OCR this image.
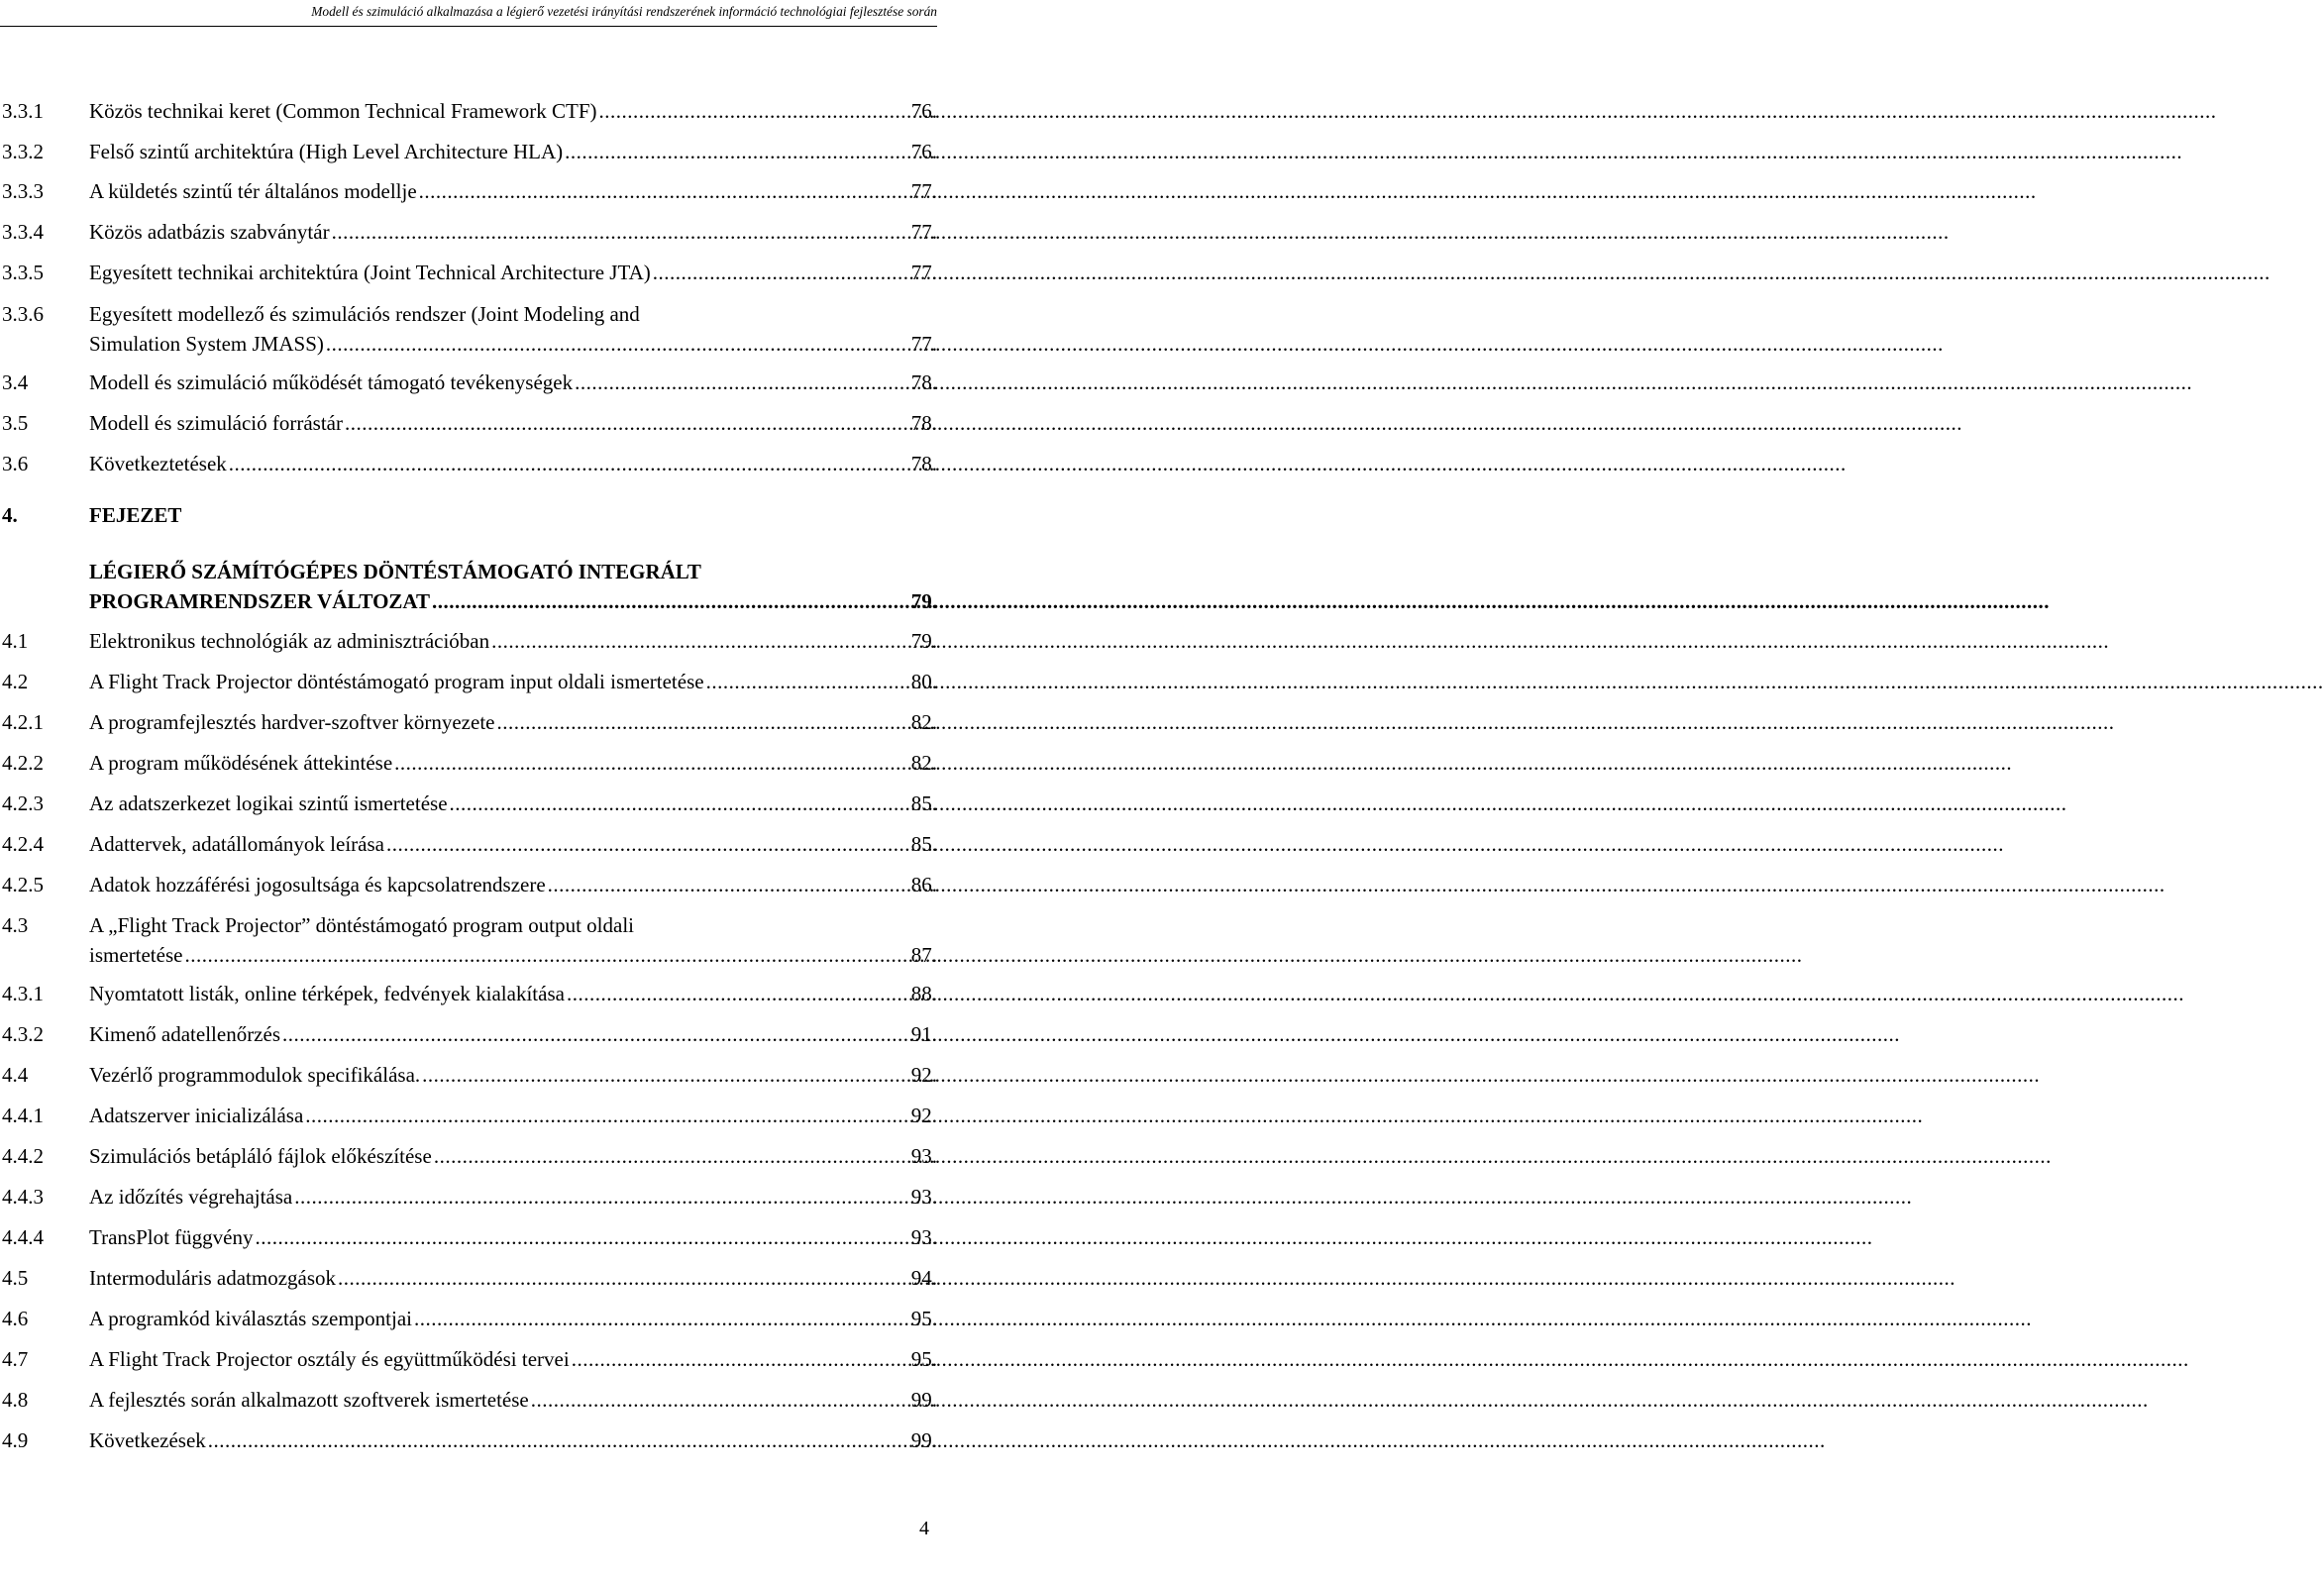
Modell és szimuláció alkalmazása a légierő vezetési irányítási rendszerének információ technológiai fejlesztése során
3.3.1 Közös technikai keret (Common Technical Framework CTF) .....	76.
3.3.2 Felső szintű architektúra (High Level Architecture HLA) .....	76.
3.3.3 A küldetés szintű tér általános modellje .....	77.
3.3.4 Közös adatbázis szabványtár .....	77.
3.3.5 Egyesített technikai architektúra (Joint Technical Architecture JTA) .....	77.
3.3.6 Egyesített modellező és szimulációs rendszer (Joint Modeling and
Simulation System JMASS) .....	77.
3.4	Modell és szimuláció működését támogató tevékenységek .....	78.
3.5	Modell és szimuláció forrástár .....	78.
3.6	Következtetések .....	78.
4.	FEJEZET
LÉGIERŐ SZÁMÍTÓGÉPES DÖNTÉSTÁMOGATÓ INTEGRÁLT
PROGRAMRENDSZER VÁLTOZAT .....	79.
4.1	Elektronikus technológiák az adminisztrációban .....	79.
4.2	A Flight Track Projector döntéstámogató program input oldali ismertetése .....	80.
4.2.1 A programfejlesztés hardver-szoftver környezete .....	82.
4.2.2 A program működésének áttekintése .....	82.
4.2.3 Az adatszerkezet logikai szintű ismertetése .....	85.
4.2.4 Adattervek, adatállományok leírása .....	85.
4.2.5 Adatok hozzáférési jogosultsága és kapcsolatrendszere .....	86.
4.3	A „Flight Track Projector” döntéstámogató program output oldali
ismertetése .....	87.
4.3.1 Nyomtatott listák, online térképek, fedvények kialakítása .....	88.
4.3.2 Kimenő adatellenőrzés .....	91.
4.4	Vezérlő programmodulok specifikálása. .....	92.
4.4.1 Adatszerver inicializálása .....	92.
4.4.2 Szimulációs betápláló fájlok előkészítése .....	93.
4.4.3 Az időzítés végrehajtása .....	93.
4.4.4 TransPlot függvény .....	93.
4.5	Intermoduláris adatmozgások .....	94.
4.6	A programkód kiválasztás szempontjai .....	95.
4.7	A Flight Track Projector osztály és együttműködési tervei .....	95.
4.8	A fejlesztés során alkalmazott szoftverek ismertetése .....	99.
4.9	Következések .....	99.
4
